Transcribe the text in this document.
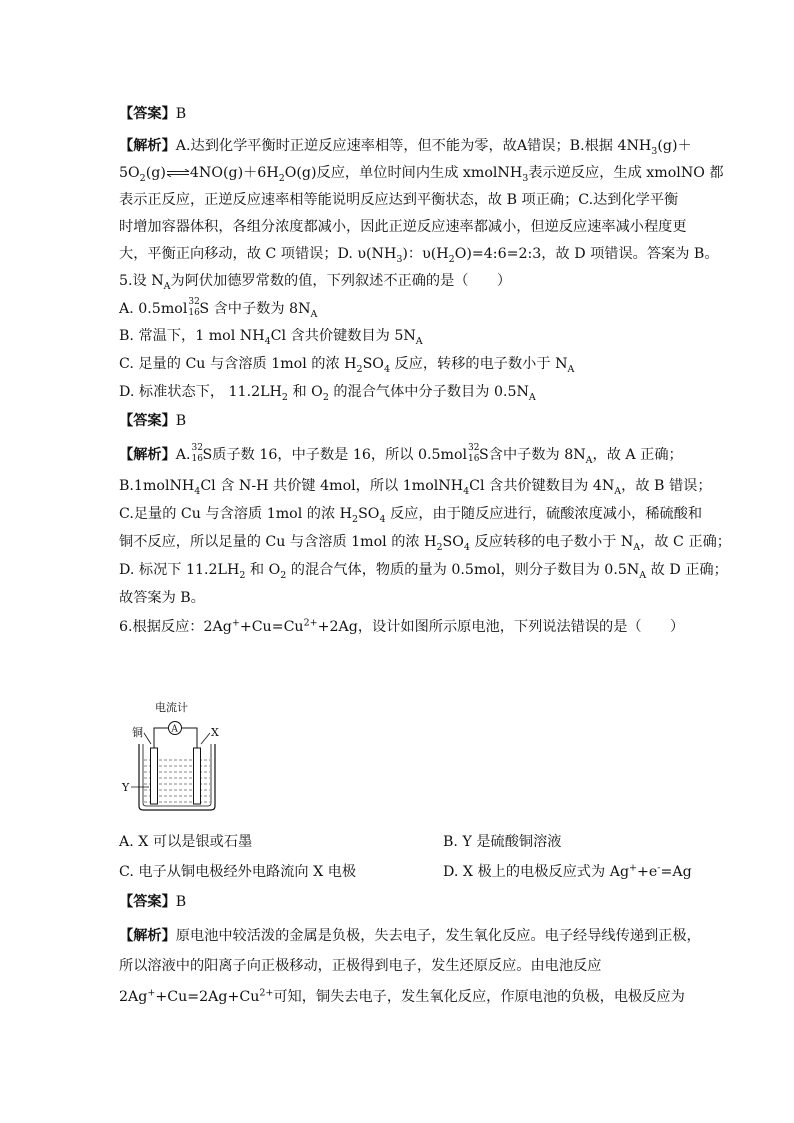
【答案】B
【解析】A.达到化学平衡时正逆反应速率相等，但不能为零，故A错误；B.根据 $4NH_3(g)+$
$5O_2(g)\rightleftharpoons 4NO(g)+6H_2O(g)$反应，单位时间内生成 xmolNH$_3$表示逆反应，生成 xmolNO 都
表示正反应，正逆反应速率相等能说明反应达到平衡状态，故 B 项正确；C.达到化学平衡
时增加容器体积，各组分浓度都减小，因此正逆反应速率都减小，但逆反应速率减小程度更
大，平衡正向移动，故 C 项错误；D. $\upsilon(NH_3)$：$\upsilon(H_2O)=4:6=2:3$，故 D 项错误。答案为 B。
5.设 $N_A$为阿伏加德罗常数的值，下列叙述不正确的是（　　）
A. 0.5mol 32
16 S 含中子数为 $8N_A$
B. 常温下，1 mol $NH_4Cl$ 含共价键数目为 $5N_A$
C. 足量的 Cu 与含溶质 1mol 的浓 $H_2SO_4$ 反应，转移的电子数小于 $N_A$
D. 标准状态下， $11.2LH_2$ 和 $O_2$ 的混合气体中分子数目为 $0.5N_A$
【答案】B
【解析】A. 32
16 S质子数 16，中子数是 16，所以 0.5mol 32
16 S含中子数为 $8N_A$，故 A 正确；
B.1molNH$_4$Cl 含 N-H 共价键 4mol，所以 1molNH$_4$Cl 含共价键数目为 $4N_A$，故 B 错误；
C.足量的 Cu 与含溶质 1mol 的浓 $H_2SO_4$ 反应，由于随反应进行，硫酸浓度减小，稀硫酸和
铜不反应，所以足量的 Cu 与含溶质 1mol 的浓 $H_2SO_4$ 反应转移的电子数小于 $N_A$，故 C 正确；
D. 标况下 $11.2LH_2$ 和 $O_2$ 的混合气体，物质的量为 0.5mol，则分子数目为 $0.5N_A$ 故 D 正确；
故答案为 B。
6.根据反应：$2Ag^++Cu=Cu^{2+}+2Ag$，设计如图所示原电池，下列说法错误的是（　　）
电流计
A
铜	X
Y
A. X 可以是银或石墨	B. Y 是硫酸铜溶液
C. 电子从铜电极经外电路流向 X 电极	D. X 极上的电极反应式为 Ag++e-=Ag
【答案】B
【解析】原电池中较活泼的金属是负极，失去电子，发生氧化反应。电子经导线传递到正极，
所以溶液中的阳离子向正极移动，正极得到电子，发生还原反应。由电池反应
$2Ag^++Cu=2Ag+Cu^{2+}$可知，铜失去电子，发生氧化反应，作原电池的负极，电极反应为
